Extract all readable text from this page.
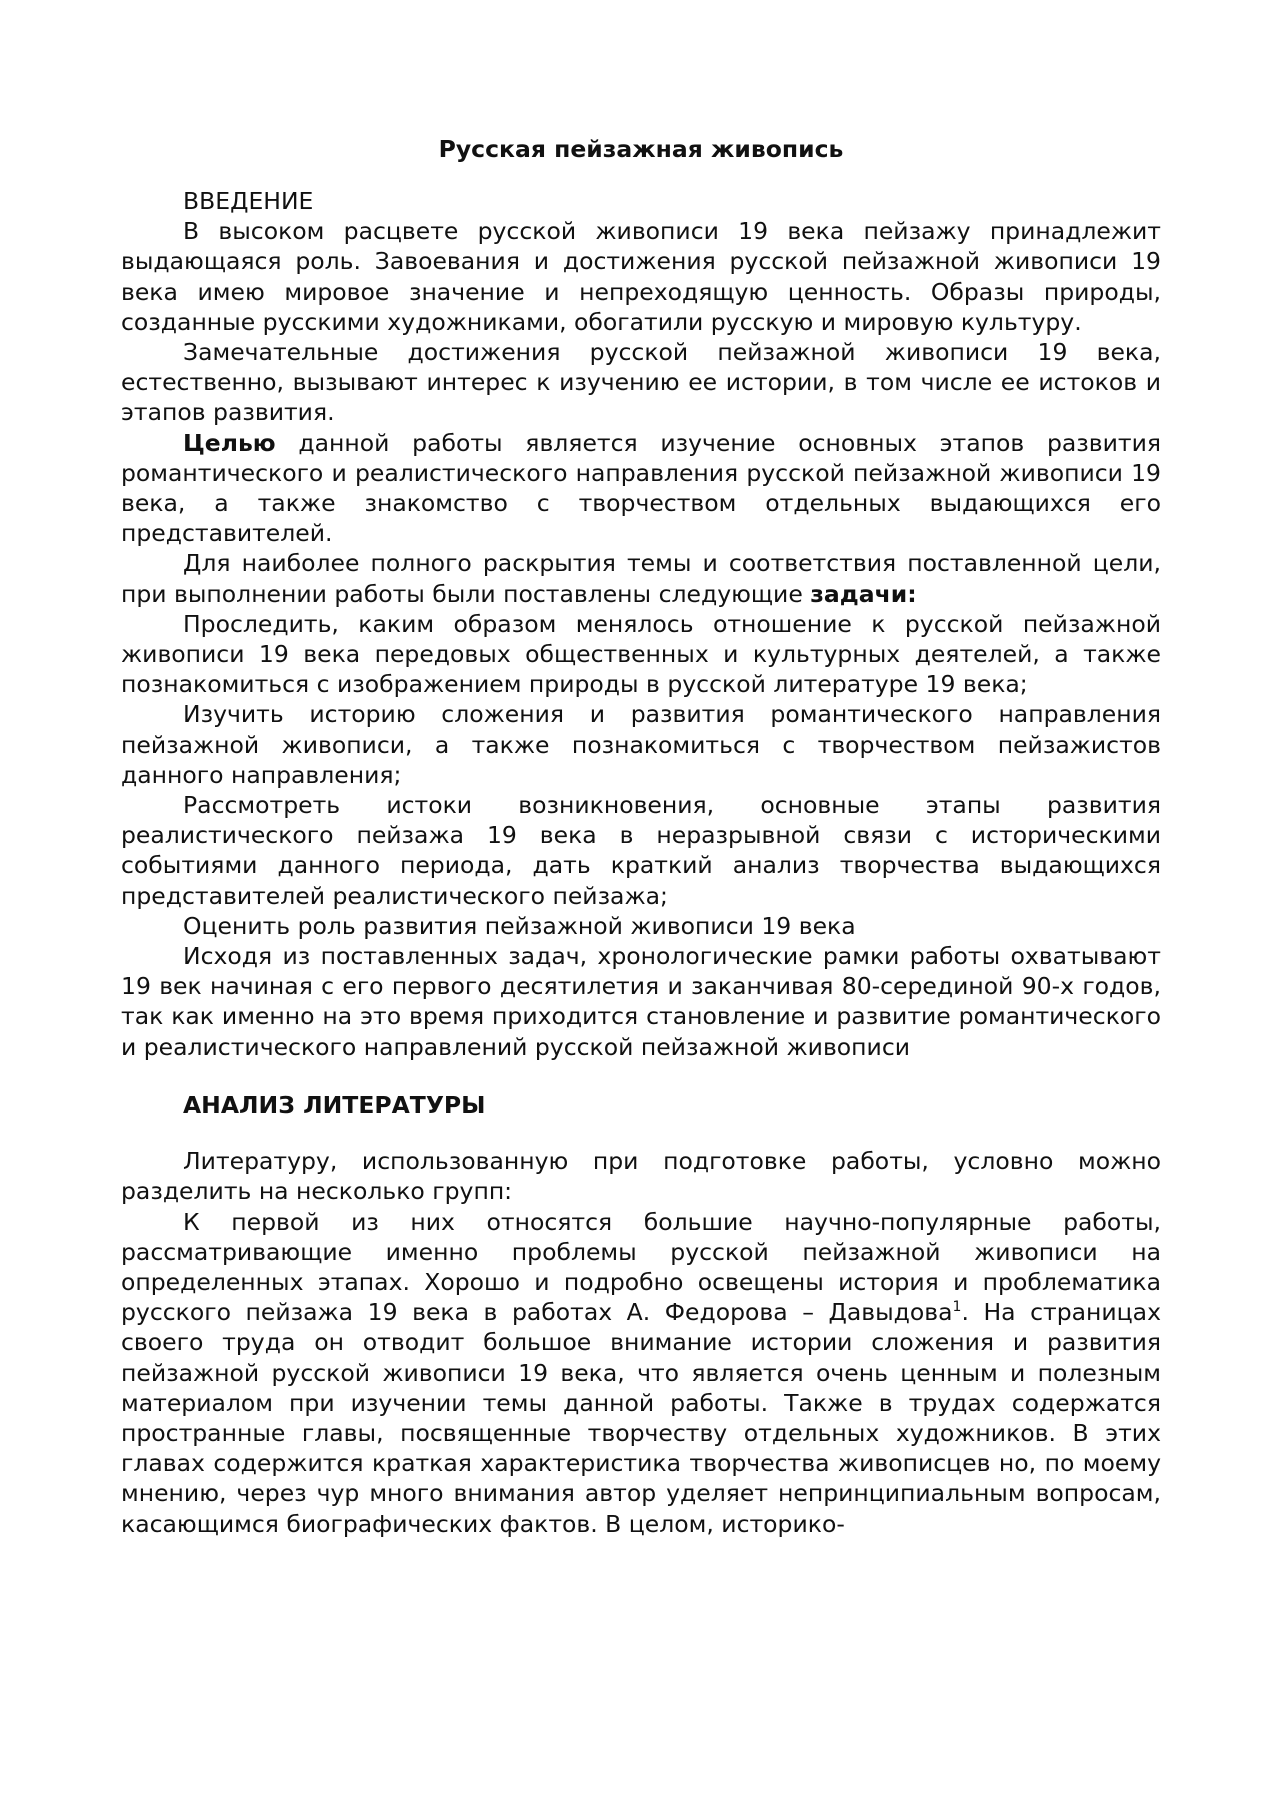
Русская пейзажная живопись

ВВЕДЕНИЕ

В высоком расцвете русской живописи 19 века пейзажу принадлежит выдающаяся роль. Завоевания и достижения русской пейзажной живописи 19 века имею мировое значение и непреходящую ценность. Образы природы, созданные русскими художниками, обогатили русскую и мировую культуру.

Замечательные достижения русской пейзажной живописи 19 века, естественно, вызывают интерес к изучению ее истории, в том числе ее истоков и этапов развития.

Целью данной работы является изучение основных этапов развития романтического и реалистического направления русской пейзажной живописи 19 века, а также знакомство с творчеством отдельных выдающихся его представителей.

Для наиболее полного раскрытия темы и соответствия поставленной цели, при выполнении работы были поставлены следующие задачи:

Проследить, каким образом менялось отношение к русской пейзажной живописи 19 века передовых общественных и культурных деятелей, а также познакомиться с изображением природы в русской литературе 19 века;

Изучить историю сложения и развития романтического направления пейзажной живописи, а также познакомиться с творчеством пейзажистов данного направления;

Рассмотреть истоки возникновения, основные этапы развития реалистического пейзажа 19 века в неразрывной связи с историческими событиями данного периода, дать краткий анализ творчества выдающихся представителей реалистического пейзажа;

Оценить роль развития пейзажной живописи 19 века

Исходя из поставленных задач, хронологические рамки работы охватывают 19 век начиная с его первого десятилетия и заканчивая 80-серединой 90-х годов, так как именно на это время приходится становление и развитие романтического и реалистического направлений русской пейзажной живописи

АНАЛИЗ ЛИТЕРАТУРЫ

Литературу, использованную при подготовке работы, условно можно разделить на несколько групп:

К первой из них относятся большие научно-популярные работы, рассматривающие именно проблемы русской пейзажной живописи на определенных этапах. Хорошо и подробно освещены история и проблематика русского пейзажа 19 века в работах А. Федорова – Давыдова$^1$. На страницах своего труда он отводит большое внимание истории сложения и развития пейзажной русской живописи 19 века, что является очень ценным и полезным материалом при изучении темы данной работы. Также в трудах содержатся пространные главы, посвященные творчеству отдельных художников. В этих главах содержится краткая характеристика творчества живописцев но, по моему мнению, через чур много внимания автор уделяет непринципиальным вопросам, касающимся биографических фактов. В целом, историко-
